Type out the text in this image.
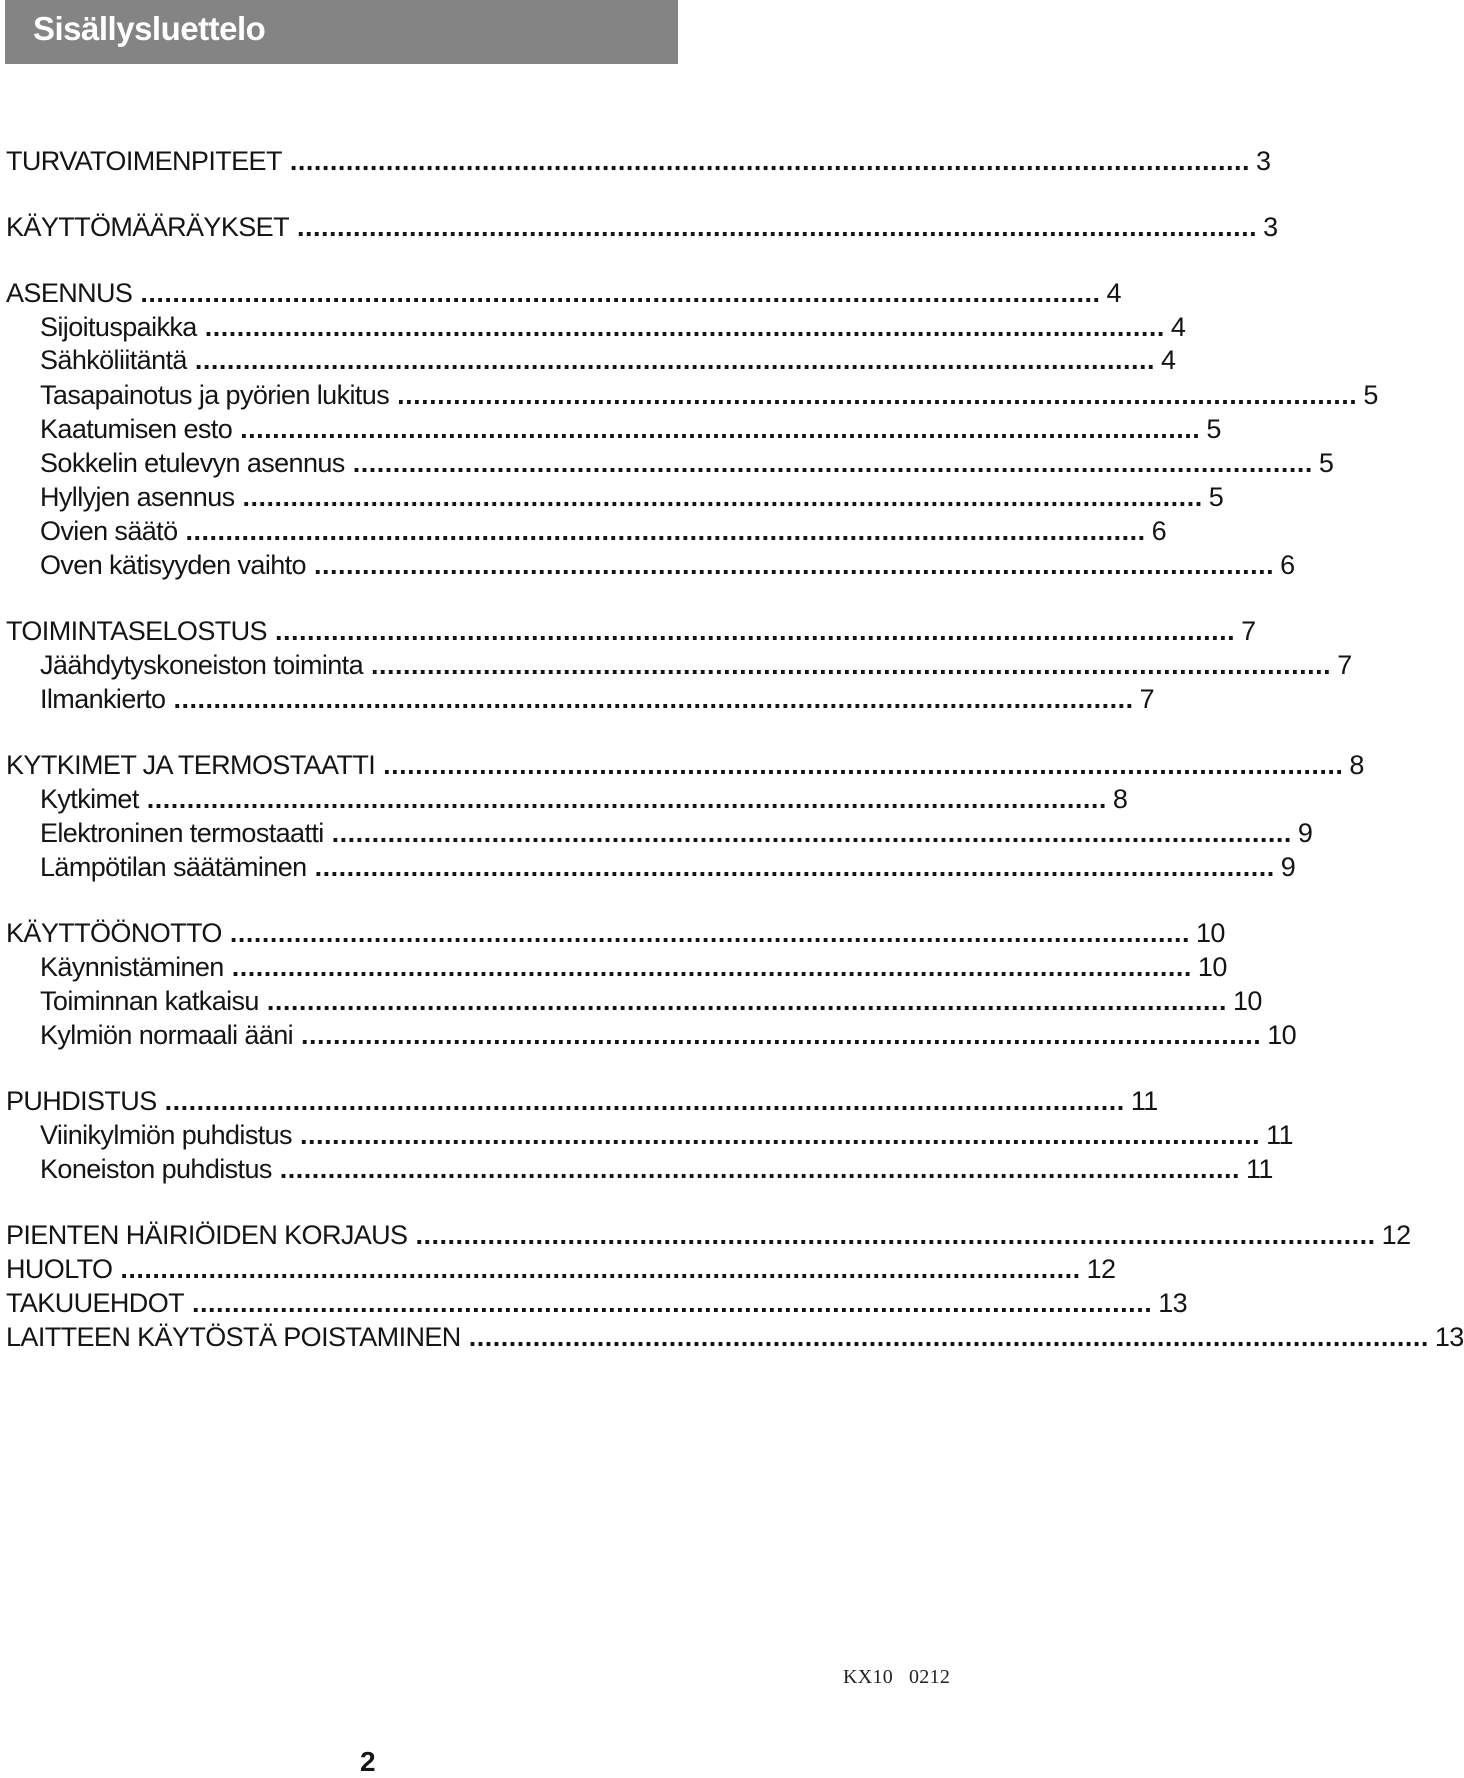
Sisällysluettelo
TURVATOIMENPITEET ........................................................................................................................ 3
KÄYTTÖMÄÄRÄYKSET ........................................................................................................................ 3
ASENNUS ........................................................................................................................ 4
Sijoituspaikka ........................................................................................................................ 4
Sähköliitäntä ........................................................................................................................ 4
Tasapainotus ja pyörien lukitus ........................................................................................................................ 5
Kaatumisen esto ........................................................................................................................ 5
Sokkelin etulevyn asennus ........................................................................................................................ 5
Hyllyjen asennus ........................................................................................................................ 5
Ovien säätö ........................................................................................................................ 6
Oven kätisyyden vaihto ........................................................................................................................ 6
TOIMINTASELOSTUS ........................................................................................................................ 7
Jäähdytyskoneiston toiminta ........................................................................................................................ 7
Ilmankierto ........................................................................................................................ 7
KYTKIMET JA TERMOSTAATTI ........................................................................................................................ 8
Kytkimet ........................................................................................................................ 8
Elektroninen termostaatti ........................................................................................................................ 9
Lämpötilan säätäminen ........................................................................................................................ 9
KÄYTTÖÖNOTTO ........................................................................................................................ 10
Käynnistäminen ........................................................................................................................ 10
Toiminnan katkaisu ........................................................................................................................ 10
Kylmiön normaali ääni ........................................................................................................................ 10
PUHDISTUS ........................................................................................................................ 11
Viinikylmiön puhdistus ........................................................................................................................ 11
Koneiston puhdistus ........................................................................................................................ 11
PIENTEN HÄIRIÖIDEN KORJAUS ........................................................................................................................ 12
HUOLTO ........................................................................................................................ 12
TAKUUEHDOT ........................................................................................................................ 13
LAITTEEN KÄYTÖSTÄ POISTAMINEN ........................................................................................................................ 13
KX10   0212
2
